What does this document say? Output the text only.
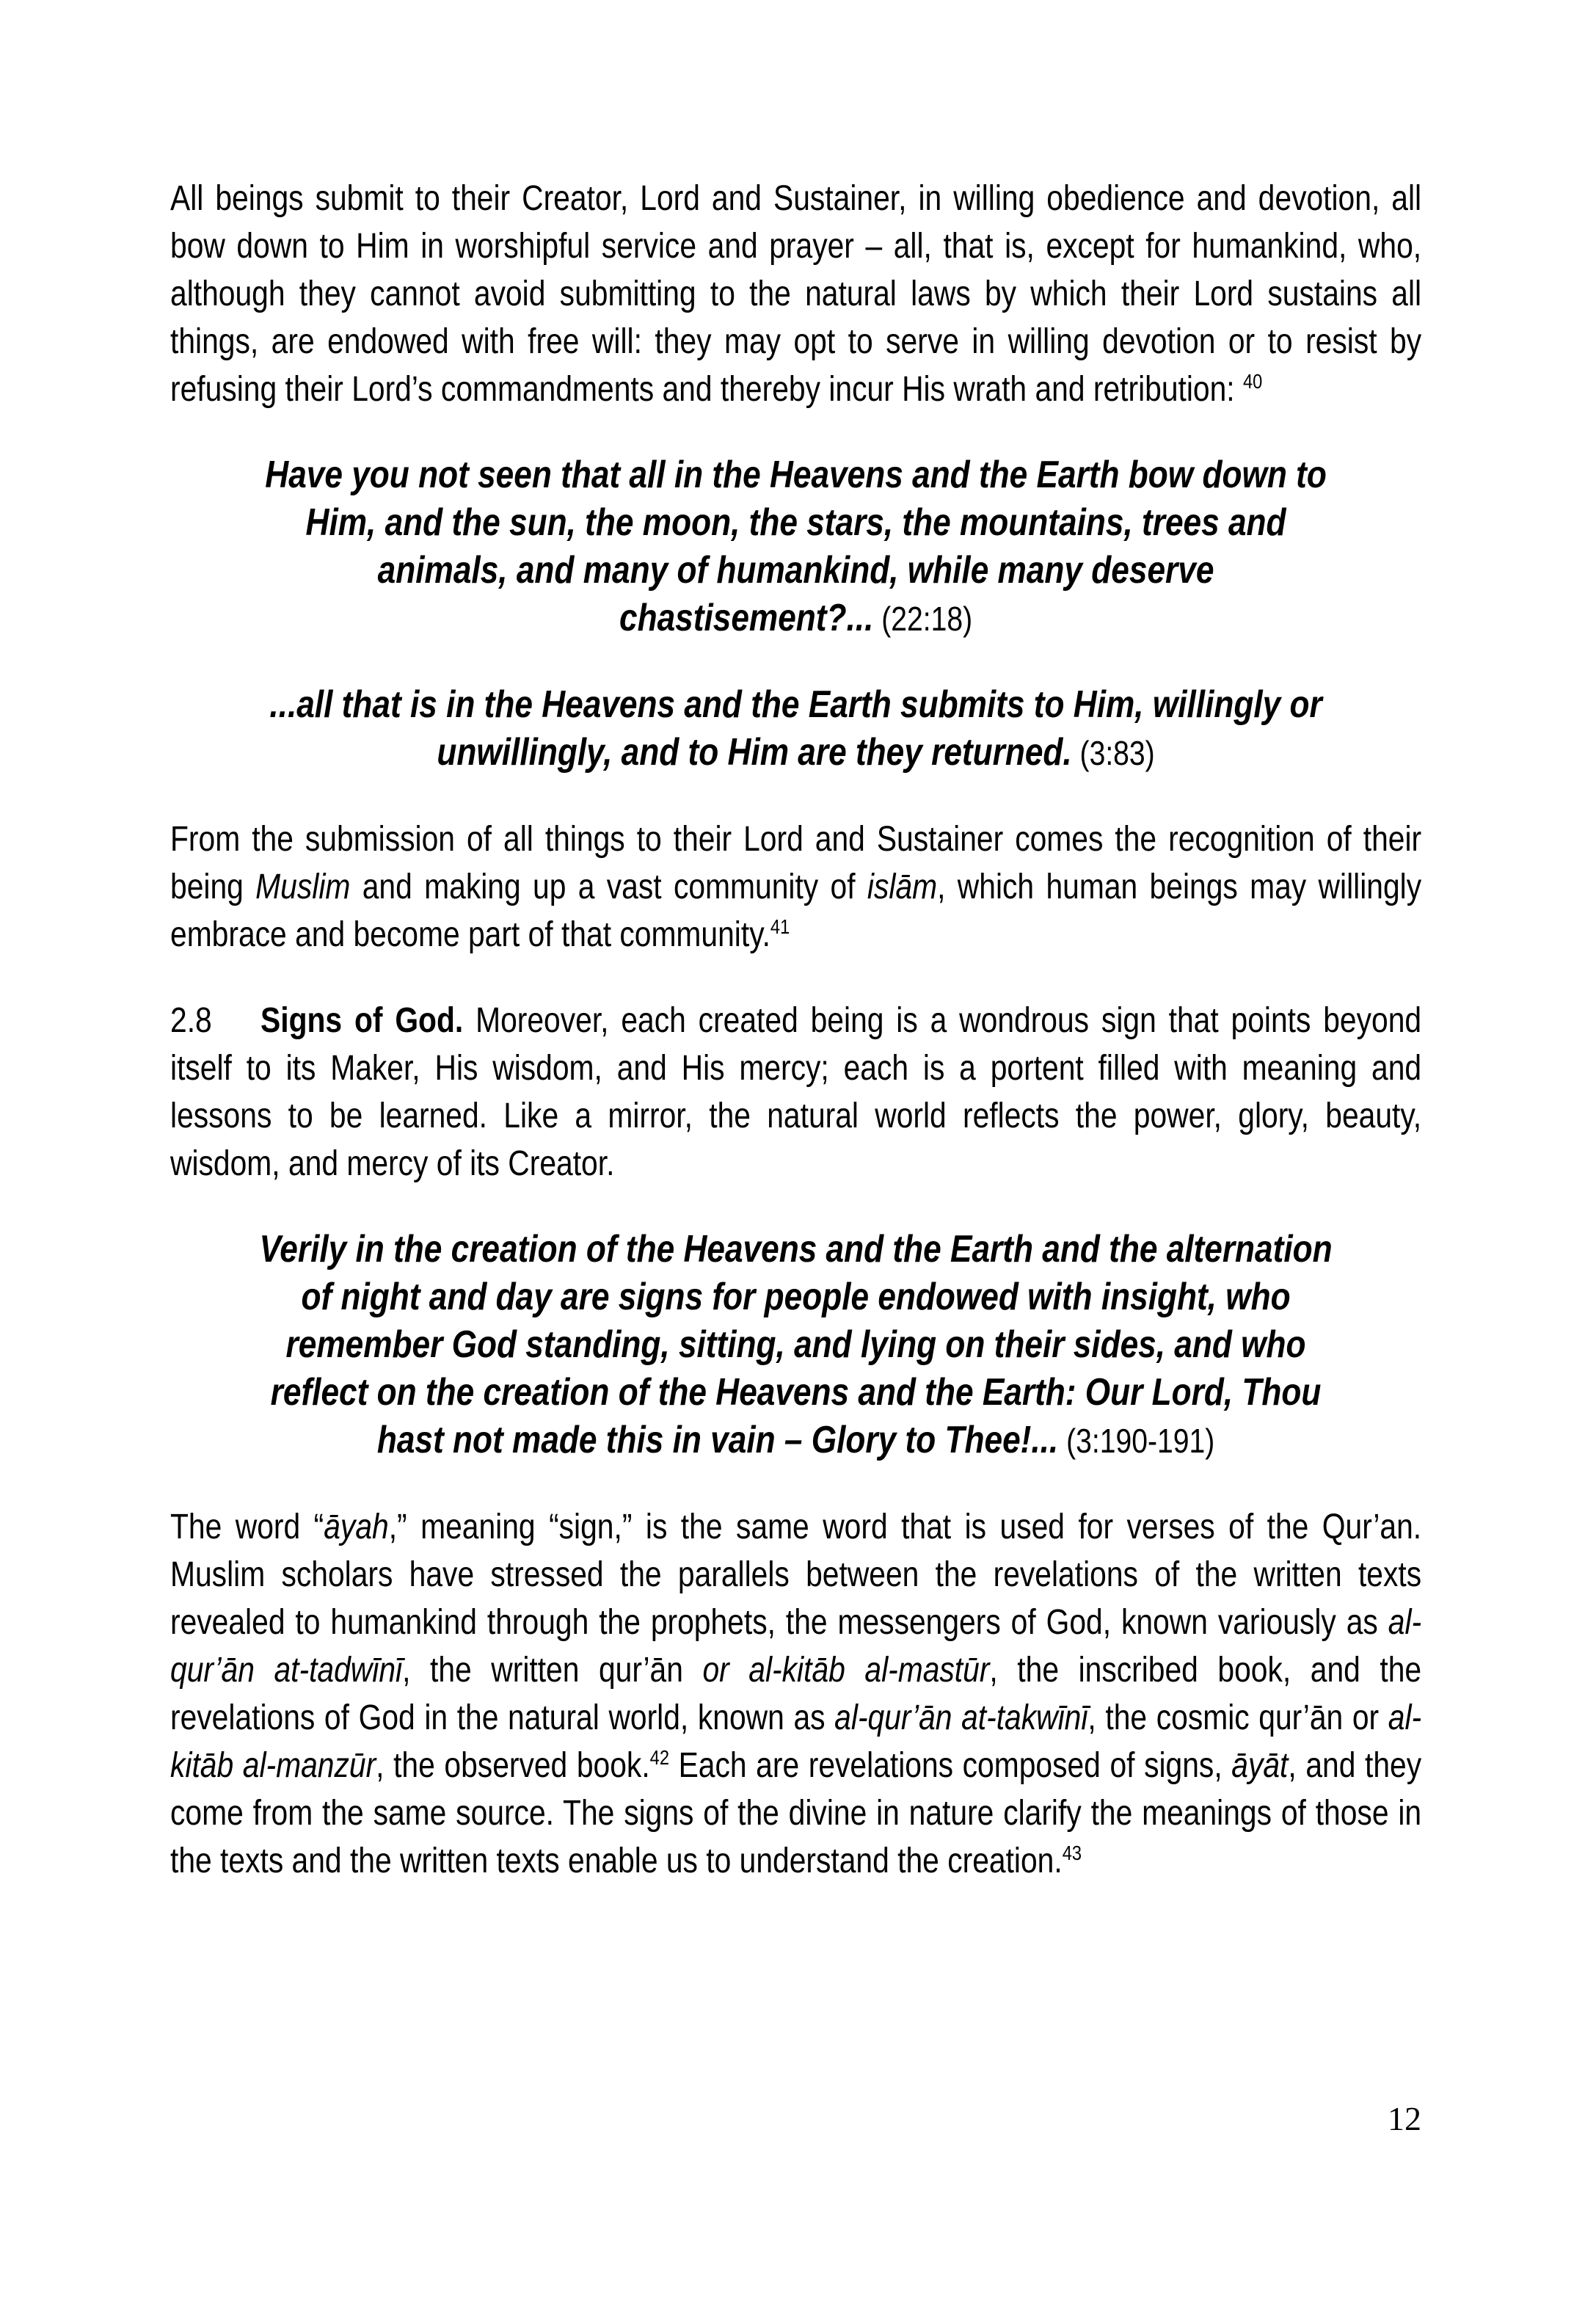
All beings submit to their Creator, Lord and Sustainer, in willing obedience and devotion, all bow down to Him in worshipful service and prayer – all, that is, except for humankind, who, although they cannot avoid submitting to the natural laws by which their Lord sustains all things, are endowed with free will: they may opt to serve in willing devotion or to resist by refusing their Lord’s commandments and thereby incur His wrath and retribution: $^{40}$
Have you not seen that all in the Heavens and the Earth bow down to
Him, and the sun, the moon, the stars, the mountains, trees and
animals, and many of humankind, while many deserve
chastisement?... (22:18)
...all that is in the Heavens and the Earth submits to Him, willingly or
unwillingly, and to Him are they returned. (3:83)
From the submission of all things to their Lord and Sustainer comes the recognition of their being Muslim and making up a vast community of islām, which human beings may willingly embrace and become part of that community.$^{41}$
2.8 Signs of God. Moreover, each created being is a wondrous sign that points beyond itself to its Maker, His wisdom, and His mercy; each is a portent filled with meaning and lessons to be learned. Like a mirror, the natural world reflects the power, glory, beauty, wisdom, and mercy of its Creator.
Verily in the creation of the Heavens and the Earth and the alternation
of night and day are signs for people endowed with insight, who
remember God standing, sitting, and lying on their sides, and who
reflect on the creation of the Heavens and the Earth: Our Lord, Thou
hast not made this in vain – Glory to Thee!... (3:190-191)
The word “āyah,” meaning “sign,” is the same word that is used for verses of the Qur’an. Muslim scholars have stressed the parallels between the revelations of the written texts revealed to humankind through the prophets, the messengers of God, known variously as al-qur’ān at-tadwīnī, the written qur’ān or al-kitāb al-mastūr, the inscribed book, and the revelations of God in the natural world, known as al-qur’ān at-takwīnī, the cosmic qur’ān or al-kitāb al-manzūr, the observed book.$^{42}$ Each are revelations composed of signs, āyāt, and they come from the same source. The signs of the divine in nature clarify the meanings of those in the texts and the written texts enable us to understand the creation.$^{43}$
12
